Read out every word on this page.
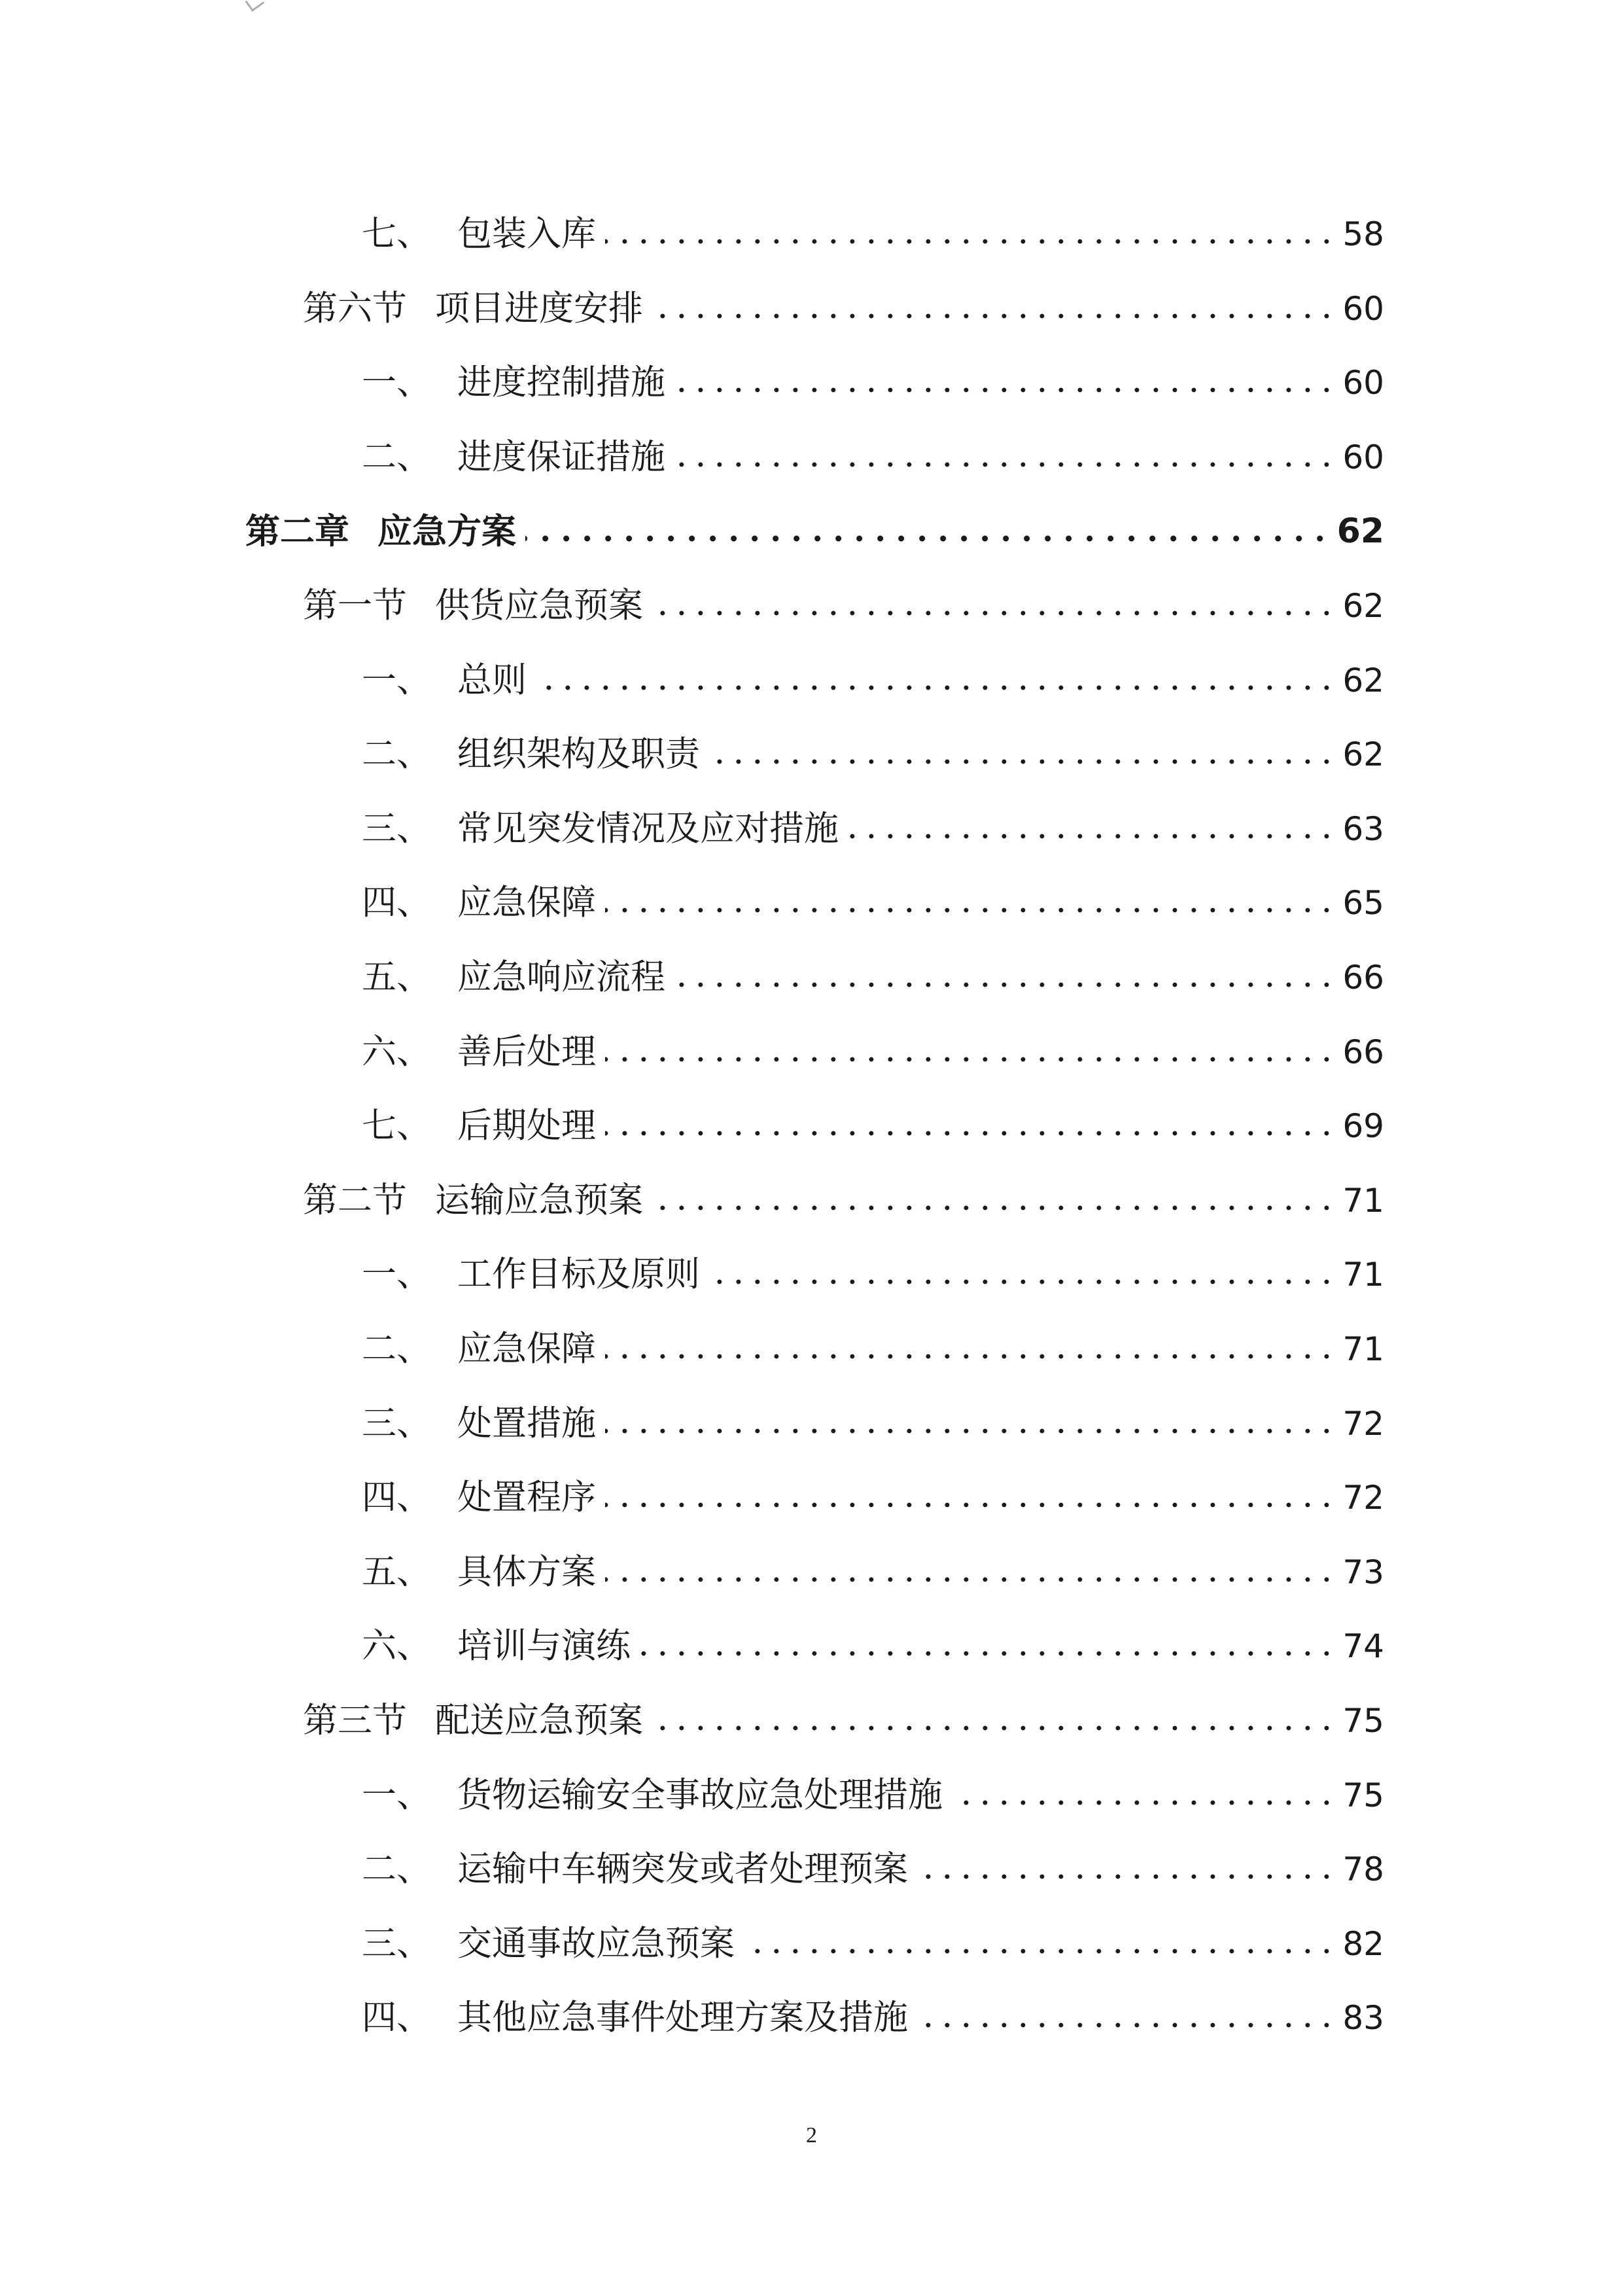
七、 包装入库	58
第六节 项目进度安排	60
一、 进度控制措施	60
二、 进度保证措施	60
第二章 应急方案	62
第一节 供货应急预案	62
一、 总则	62
二、 组织架构及职责	62
三、 常见突发情况及应对措施	63
四、 应急保障	65
五、 应急响应流程	66
六、 善后处理	66
七、 后期处理	69
第二节 运输应急预案	71
一、 工作目标及原则	71
二、 应急保障	71
三、 处置措施	72
四、 处置程序	72
五、 具体方案	73
六、 培训与演练	74
第三节 配送应急预案	75
一、 货物运输安全事故应急处理措施	75
二、 运输中车辆突发或者处理预案	78
三、 交通事故应急预案	82
四、 其他应急事件处理方案及措施	83
2
